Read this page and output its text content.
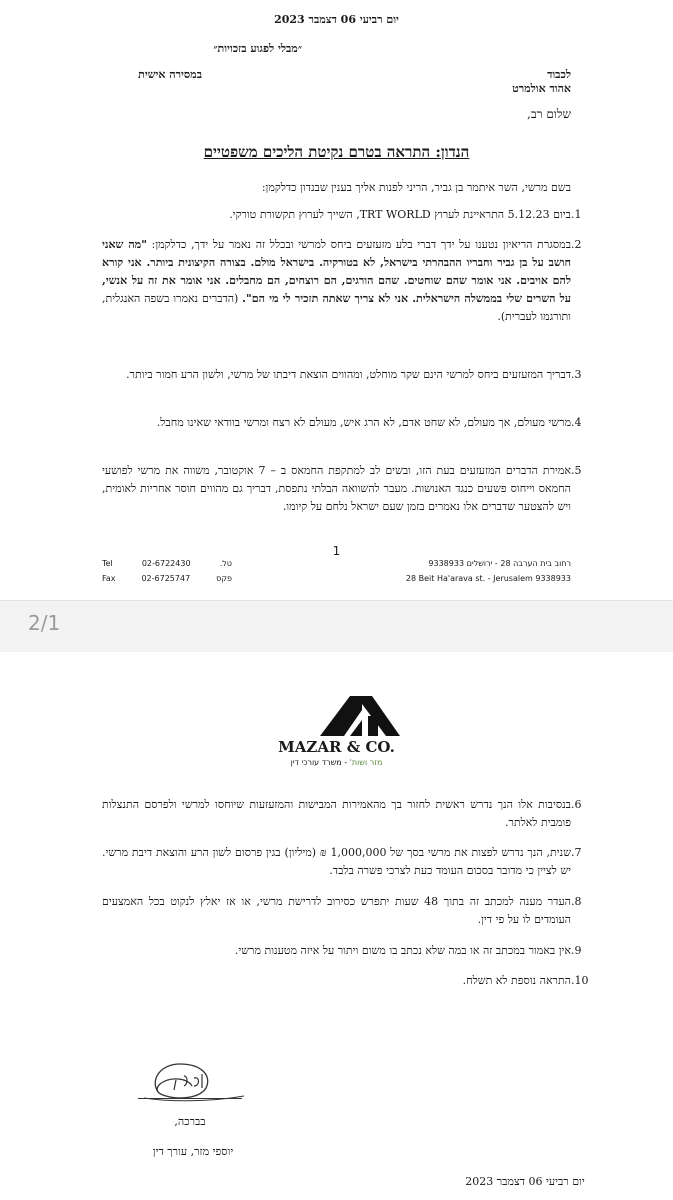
יום רביעי 06 דצמבר 2023
״מבלי לפגוע בזכויות״
לכבוד
אהוד אולמרט
במסירה אישית
שלום רב,
הנדון: התראה בטרם נקיטת הליכים משפטיים
בשם מרשי, השר איתמר בן גביר, הריני לפנות אליך בענין שבנדון כדלקמן:
.1
ביום 5.12.23 התראיינת לערוץ TRT WORLD, השייך לערוץ תקשורת טורקי.
.2
במסגרת הריאיון נטענו על ידך דברי בלע מזעזעים ביחס למרשי ובכלל זה נאמר על ידך, כדלקמן: "מה שאני חושב על בן גביר וחבריו ההבהרתי בישראל, לא בטורקיה. בישראל מולם. בצורה הקיצונית ביותר. אני קורא להם אויבים. אני אומר שהם שוחטים. שהם הורגים, הם רוצחים, הם מחבלים. אני אומר את זה על אנשי, על השרים שלי בממשלה הישראלית. אני לא צריך שאתה תזכיר לי מי הם". (הדברים נאמרו בשפה האנגלית, ותורגמו לעברית).
.3
דבריך המזעזעים ביחס למרשי הינם שקר מוחלט, ומהווים הוצאת דיבתו של מרשי, ולשון הרע חמור ביותר.
.4
מרשי מעולם, אך מעולם, לא שחט אדם, לא הרג איש, מעולם לא רצח ומרשי בוודאי שאינו מחבל.
.5
אמירת הדברים המזעזעים בעת הזו, ובשים לב למתקפת החמאס ב – 7 אוקטובר, משווה את מרשי לפושעי החמאס וייחוס פשעים כנגד האנושות. מעבר להשוואה הבלתי נתפסת, דבריך גם מהווים חוסר אחריות לאומית, ויש להצטער שדברים אלו נאמרים בזמן שעם ישראל נלחם על קיומו.
1
Tel	02-6722430	טל.
Fax	02-6725747	פקס
רחוב בית הערבה 28 - ירושלים 9338933
28 Beit Ha'arava st. - Jerusalem 9338933
2/1
MAZAR & CO.
מזר ושות' - משרד עורכי דין
.6
בנסיבות אלו הנך נדרש ראשית לחזור בך מהאמירות המבישות והמזעזעות שיוחסו למרשי ולפרסם התנצלות פומבית לאלתר.
.7
שנית, הנך נדרש לפצות את מרשי בסך של 1,000,000 ₪ (מיליון) בגין פרסום לשון הרע והוצאת דיבת מרשי. יש לציין כי מדובר בסכום העומד כעת לצרכי פשרה בלבד.
.8
העדר מענה למכתב זה בתוך 48 שעות יתפרש כסירוב לדרישת מרשי, או אז יאלץ לנקוט בכל האמצעים העומדים לו על פי דין.
.9
אין באמור במכתב זה או במה שלא נכתב בו משום ויתור על איזה מטענות מרשי.
.10
התראה נוספת לא תשלח.
בברכה,
יוספי מזר, עורך דין
יום רביעי 06 דצמבר 2023
